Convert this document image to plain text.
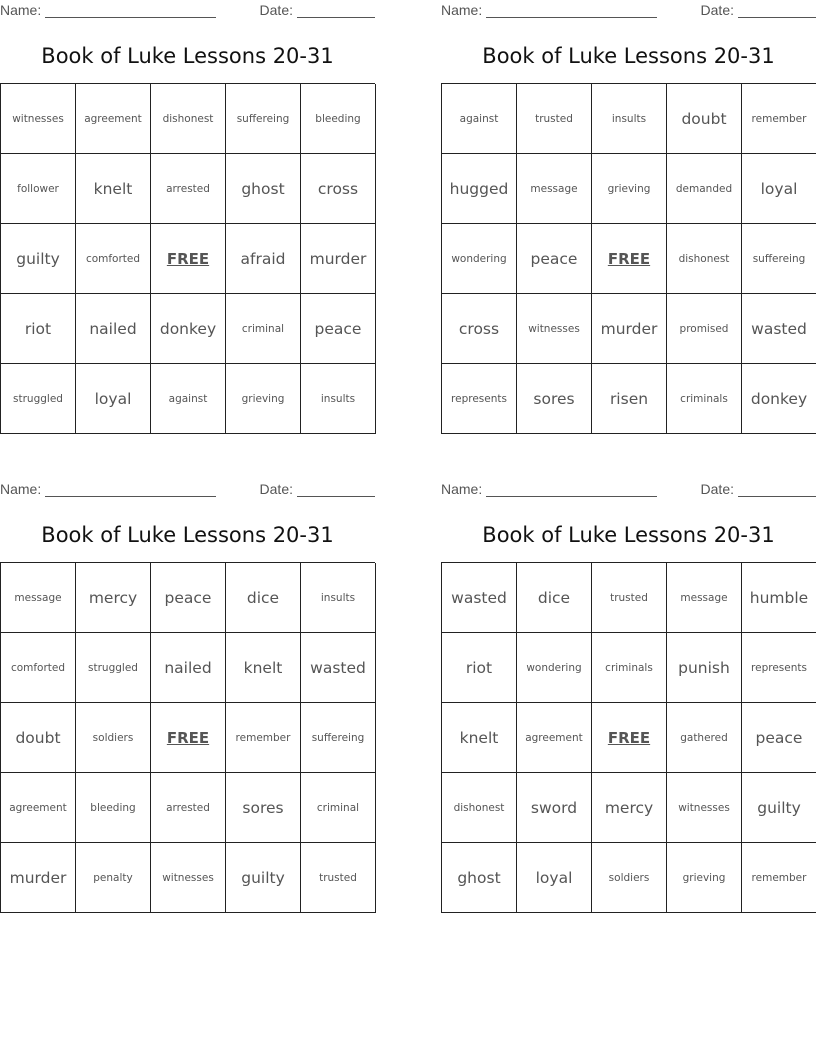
Name:	Date:
Book of Luke Lessons 20-31
witnesses	agreement	dishonest	suffereing	bleeding
follower	knelt	arrested	ghost	cross
guilty	comforted	FREE	afraid	murder
riot	nailed	donkey	criminal	peace
struggled	loyal	against	grieving	insults
Name:	Date:
Book of Luke Lessons 20-31
against	trusted	insults	doubt	remember
hugged	message	grieving	demanded	loyal
wondering	peace	FREE	dishonest	suffereing
cross	witnesses	murder	promised	wasted
represents	sores	risen	criminals	donkey
Name:	Date:
Book of Luke Lessons 20-31
message	mercy	peace	dice	insults
comforted	struggled	nailed	knelt	wasted
doubt	soldiers	FREE	remember	suffereing
agreement	bleeding	arrested	sores	criminal
murder	penalty	witnesses	guilty	trusted
Name:	Date:
Book of Luke Lessons 20-31
wasted	dice	trusted	message	humble
riot	wondering	criminals	punish	represents
knelt	agreement	FREE	gathered	peace
dishonest	sword	mercy	witnesses	guilty
ghost	loyal	soldiers	grieving	remember
